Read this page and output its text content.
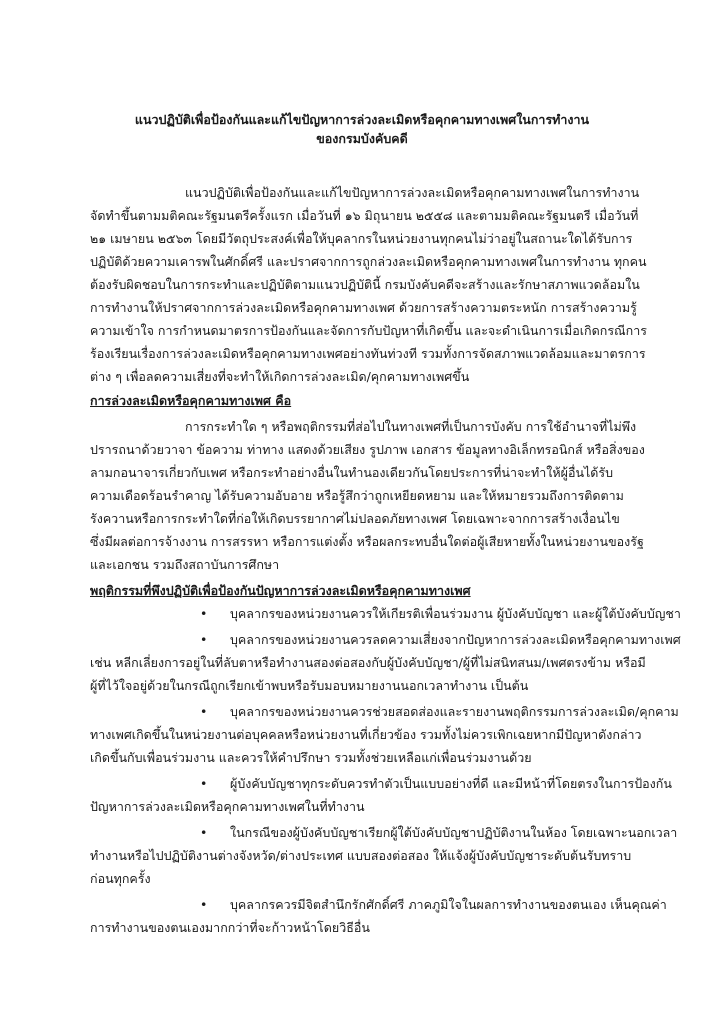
แนวปฏิบัติเพื่อป้องกันและแก้ไขปัญหาการล่วงละเมิดหรือคุกคามทางเพศในการทำงาน
ของกรมบังคับคดี
แนวปฏิบัติเพื่อป้องกันและแก้ไขปัญหาการล่วงละเมิดหรือคุกคามทางเพศในการทำงาน
จัดทำขึ้นตามมติคณะรัฐมนตรีครั้งแรก เมื่อวันที่ ๑๖ มิถุนายน ๒๕๕๘ และตามมติคณะรัฐมนตรี เมื่อวันที่
๒๑ เมษายน ๒๕๖๓ โดยมีวัตถุประสงค์เพื่อให้บุคลากรในหน่วยงานทุกคนไม่ว่าอยู่ในสถานะใดได้รับการ
ปฏิบัติด้วยความเคารพในศักดิ์ศรี และปราศจากการถูกล่วงละเมิดหรือคุกคามทางเพศในการทำงาน ทุกคน
ต้องรับผิดชอบในการกระทำและปฏิบัติตามแนวปฏิบัตินี้ กรมบังคับคดีจะสร้างและรักษาสภาพแวดล้อมใน
การทำงานให้ปราศจากการล่วงละเมิดหรือคุกคามทางเพศ ด้วยการสร้างความตระหนัก การสร้างความรู้
ความเข้าใจ การกำหนดมาตรการป้องกันและจัดการกับปัญหาที่เกิดขึ้น และจะดำเนินการเมื่อเกิดกรณีการ
ร้องเรียนเรื่องการล่วงละเมิดหรือคุกคามทางเพศอย่างทันท่วงที รวมทั้งการจัดสภาพแวดล้อมและมาตรการ
ต่าง ๆ เพื่อลดความเสี่ยงที่จะทำให้เกิดการล่วงละเมิด/คุกคามทางเพศขึ้น
การล่วงละเมิดหรือคุกคามทางเพศ คือ
การกระทำใด ๆ หรือพฤติกรรมที่ส่อไปในทางเพศที่เป็นการบังคับ การใช้อำนาจที่ไม่พึง
ปรารถนาด้วยวาจา ข้อความ ท่าทาง แสดงด้วยเสียง รูปภาพ เอกสาร ข้อมูลทางอิเล็กทรอนิกส์ หรือสิ่งของ
ลามกอนาจารเกี่ยวกับเพศ หรือกระทำอย่างอื่นในทำนองเดียวกันโดยประการที่น่าจะทำให้ผู้อื่นได้รับ
ความเดือดร้อนรำคาญ ได้รับความอับอาย หรือรู้สึกว่าถูกเหยียดหยาม และให้หมายรวมถึงการติดตาม
รังควานหรือการกระทำใดที่ก่อให้เกิดบรรยากาศไม่ปลอดภัยทางเพศ โดยเฉพาะจากการสร้างเงื่อนไข
ซึ่งมีผลต่อการจ้างงาน การสรรหา หรือการแต่งตั้ง หรือผลกระทบอื่นใดต่อผู้เสียหายทั้งในหน่วยงานของรัฐ
และเอกชน รวมถึงสถาบันการศึกษา
พฤติกรรมที่พึงปฏิบัติเพื่อป้องกันปัญหาการล่วงละเมิดหรือคุกคามทางเพศ
• บุคลากรของหน่วยงานควรให้เกียรติเพื่อนร่วมงาน ผู้บังคับบัญชา และผู้ใต้บังคับบัญชา
• บุคลากรของหน่วยงานควรลดความเสี่ยงจากปัญหาการล่วงละเมิดหรือคุกคามทางเพศ
เช่น หลีกเลี่ยงการอยู่ในที่ลับตาหรือทำงานสองต่อสองกับผู้บังคับบัญชา/ผู้ที่ไม่สนิทสนม/เพศตรงข้าม หรือมี
ผู้ที่ไว้ใจอยู่ด้วยในกรณีถูกเรียกเข้าพบหรือรับมอบหมายงานนอกเวลาทำงาน เป็นต้น
• บุคลากรของหน่วยงานควรช่วยสอดส่องและรายงานพฤติกรรมการล่วงละเมิด/คุกคาม
ทางเพศเกิดขึ้นในหน่วยงานต่อบุคคลหรือหน่วยงานที่เกี่ยวข้อง รวมทั้งไม่ควรเพิกเฉยหากมีปัญหาดังกล่าว
เกิดขึ้นกับเพื่อนร่วมงาน และควรให้คำปรึกษา รวมทั้งช่วยเหลือแก่เพื่อนร่วมงานด้วย
• ผู้บังคับบัญชาทุกระดับควรทำตัวเป็นแบบอย่างที่ดี และมีหน้าที่โดยตรงในการป้องกัน
ปัญหาการล่วงละเมิดหรือคุกคามทางเพศในที่ทำงาน
• ในกรณีของผู้บังคับบัญชาเรียกผู้ใต้บังคับบัญชาปฏิบัติงานในห้อง โดยเฉพาะนอกเวลา
ทำงานหรือไปปฏิบัติงานต่างจังหวัด/ต่างประเทศ แบบสองต่อสอง ให้แจ้งผู้บังคับบัญชาระดับต้นรับทราบ
ก่อนทุกครั้ง
• บุคลากรควรมีจิตสำนึกรักศักดิ์ศรี ภาคภูมิใจในผลการทำงานของตนเอง เห็นคุณค่า
การทำงานของตนเองมากกว่าที่จะก้าวหน้าโดยวิธีอื่น
